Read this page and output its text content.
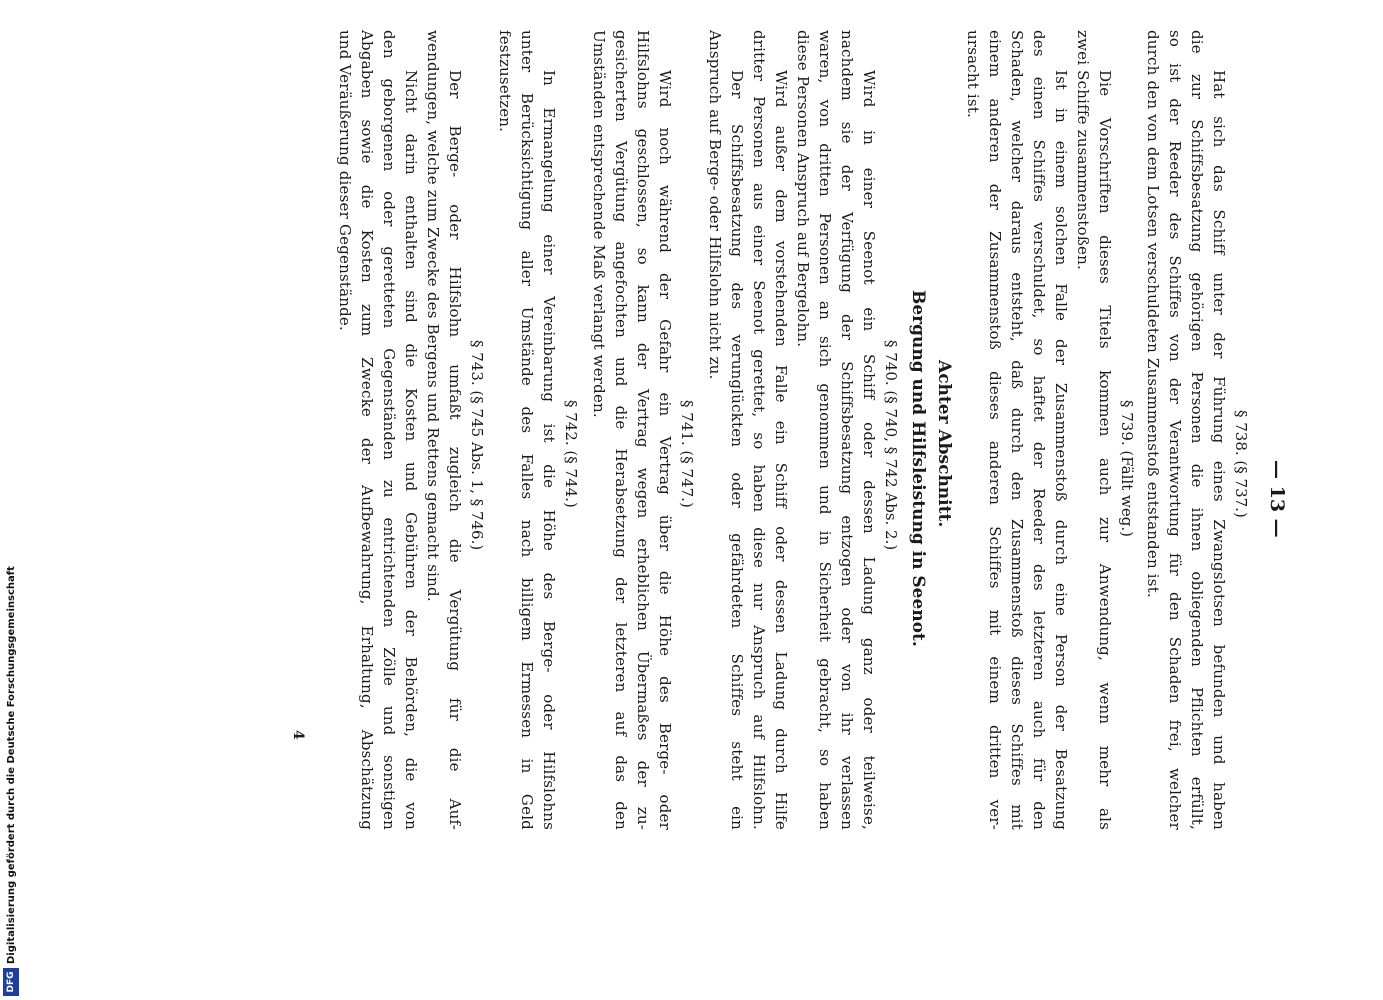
— 13 —
§ 738. (§ 737.)
Hat sich das Schiff unter der Führung eines Zwangslotsen befunden und haben
die zur Schiffsbesatzung gehörigen Personen die ihnen obliegenden Pflichten erfüllt,
so ist der Reeder des Schiffes von der Verantwortung für den Schaden frei, welcher
durch den von dem Lotsen verschuldeten Zusammenstoß entstanden ist.
§ 739. (Fällt weg.)
Die Vorschriften dieses Titels kommen auch zur Anwendung, wenn mehr als
zwei Schiffe zusammenstoßen.
Ist in einem solchen Falle der Zusammenstoß durch eine Person der Besatzung
des einen Schiffes verschuldet, so haftet der Reeder des letzteren auch für den
Schaden, welcher daraus entsteht, daß durch den Zusammenstoß dieses Schiffes mit
einem anderen der Zusammenstoß dieses anderen Schiffes mit einem dritten ver-
ursacht ist.
Achter Abschnitt.
Bergung und Hilfsleistung in Seenot.
§ 740. (§ 740, § 742 Abs. 2.)
Wird in einer Seenot ein Schiff oder dessen Ladung ganz oder teilweise,
nachdem sie der Verfügung der Schiffsbesatzung entzogen oder von ihr verlassen
waren, von dritten Personen an sich genommen und in Sicherheit gebracht, so haben
diese Personen Anspruch auf Bergelohn.
Wird außer dem vorstehenden Falle ein Schiff oder dessen Ladung durch Hilfe
dritter Personen aus einer Seenot gerettet, so haben diese nur Anspruch auf Hilfslohn.
Der Schiffsbesatzung des verunglückten oder gefährdeten Schiffes steht ein
Anspruch auf Berge- oder Hilfslohn nicht zu.
§ 741. (§ 747.)
Wird noch während der Gefahr ein Vertrag über die Höhe des Berge- oder
Hilfslohns geschlossen, so kann der Vertrag wegen erheblichen Übermaßes der zu-
gesicherten Vergütung angefochten und die Herabsetzung der letzteren auf das den
Umständen entsprechende Maß verlangt werden.
§ 742. (§ 744.)
In Ermangelung einer Vereinbarung ist die Höhe des Berge- oder Hilfslohns
unter Berücksichtigung aller Umstände des Falles nach billigem Ermessen in Geld
festzusetzen.
§ 743. (§ 745 Abs. 1, § 746.)
Der Berge- oder Hilfslohn umfaßt zugleich die Vergütung für die Auf-
wendungen, welche zum Zwecke des Bergens und Rettens gemacht sind.
Nicht darin enthalten sind die Kosten und Gebühren der Behörden, die von
den geborgenen oder geretteten Gegenständen zu entrichtenden Zölle und sonstigen
Abgaben sowie die Kosten zum Zwecke der Aufbewahrung, Erhaltung, Abschätzung
und Veräußerung dieser Gegenstände.
4
DFG
Digitalisierung gefördert durch die Deutsche Forschungsgemeinschaft
